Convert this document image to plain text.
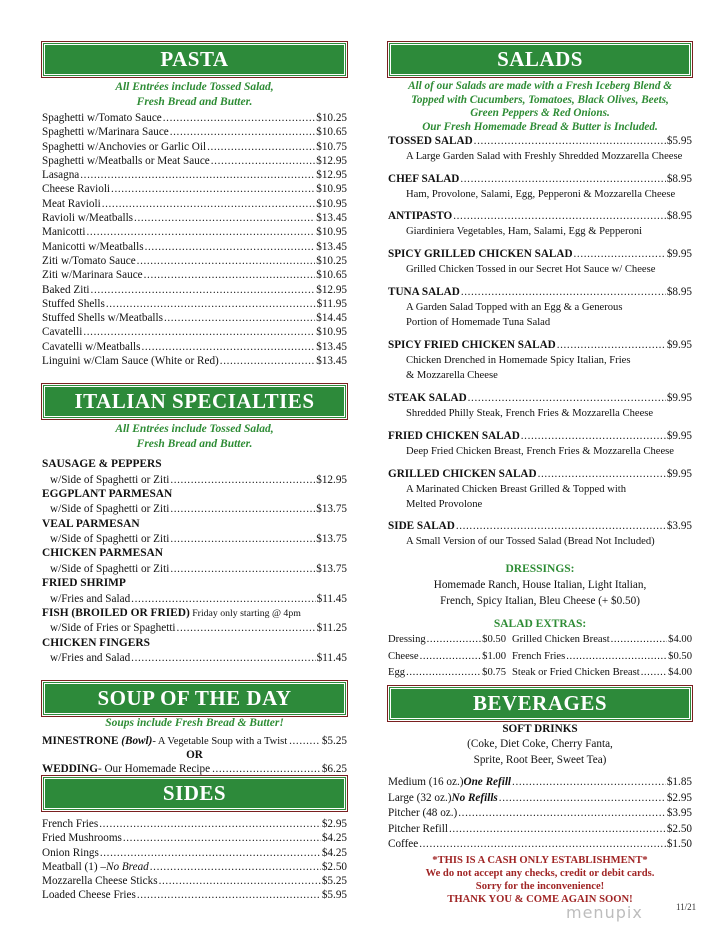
PASTA
All Entrées include Tossed Salad,
Fresh Bread and Butter.
Spaghetti w/Tomato Sauce .....	$10.25
Spaghetti w/Marinara Sauce .....	$10.65
Spaghetti w/Anchovies or Garlic Oil .....	$10.75
Spaghetti w/Meatballs or Meat Sauce .....	$12.95
Lasagna .....	$12.95
Cheese Ravioli .....	$10.95
Meat Ravioli .....	$10.95
Ravioli w/Meatballs .....	$13.45
Manicotti .....	$10.95
Manicotti w/Meatballs .....	$13.45
Ziti w/Tomato Sauce .....	$10.25
Ziti w/Marinara Sauce .....	$10.65
Baked Ziti .....	$12.95
Stuffed Shells .....	$11.95
Stuffed Shells w/Meatballs .....	$14.45
Cavatelli .....	$10.95
Cavatelli w/Meatballs .....	$13.45
Linguini w/Clam Sauce (White or Red) .....	$13.45
ITALIAN SPECIALTIES
All Entrées include Tossed Salad,
Fresh Bread and Butter.
SAUSAGE & PEPPERS
w/Side of Spaghetti or Ziti .....	$12.95
EGGPLANT PARMESAN
w/Side of Spaghetti or Ziti .....	$13.75
VEAL PARMESAN
w/Side of Spaghetti or Ziti .....	$13.75
CHICKEN PARMESAN
w/Side of Spaghetti or Ziti .....	$13.75
FRIED SHRIMP
w/Fries and Salad .....	$11.45
FISH (BROILED OR FRIED) Friday only starting @ 4pm
w/Side of Fries or Spaghetti .....	$11.25
CHICKEN FINGERS
w/Fries and Salad .....	$11.45
SOUP OF THE DAY
Soups include Fresh Bread & Butter!
MINESTRONE
(Bowl) - A Vegetable Soup with a Twist .....	$5.25
OR
WEDDING - Our Homemade Recipe .....	$6.25
SIDES
French Fries .....	$2.95
Fried Mushrooms .....	$4.25
Onion Rings .....	$4.25
Meatball (1) – No Bread .....	$2.50
Mozzarella Cheese Sticks .....	$5.25
Loaded Cheese Fries .....	$5.95
SALADS
All of our Salads are made with a Fresh Iceberg Blend &
Topped with Cucumbers, Tomatoes, Black Olives, Beets,
Green Peppers & Red Onions.
Our Fresh Homemade Bread & Butter is Included.
TOSSED SALAD .....	$5.95
A Large Garden Salad with Freshly Shredded Mozzarella Cheese
CHEF SALAD .....	$8.95
Ham, Provolone, Salami, Egg, Pepperoni & Mozzarella Cheese
ANTIPASTO .....	$8.95
Giardiniera Vegetables, Ham, Salami, Egg & Pepperoni
SPICY GRILLED CHICKEN SALAD .....	$9.95
Grilled Chicken Tossed in our Secret Hot Sauce w/ Cheese
TUNA SALAD .....	$8.95
A Garden Salad Topped with an Egg & a Generous
Portion of Homemade Tuna Salad
SPICY FRIED CHICKEN SALAD .....	$9.95
Chicken Drenched in Homemade Spicy Italian, Fries
& Mozzarella Cheese
STEAK SALAD .....	$9.95
Shredded Philly Steak, French Fries & Mozzarella Cheese
FRIED CHICKEN SALAD .....	$9.95
Deep Fried Chicken Breast, French Fries & Mozzarella Cheese
GRILLED CHICKEN SALAD .....	$9.95
A Marinated Chicken Breast Grilled & Topped with
Melted Provolone
SIDE SALAD .....	$3.95
A Small Version of our Tossed Salad (Bread Not Included)
DRESSINGS:
Homemade Ranch, House Italian, Light Italian,
French, Spicy Italian, Bleu Cheese (+ $0.50)
SALAD EXTRAS:
Dressing .....	$0.50
Cheese .....	$1.00
Egg .....	$0.75
Grilled Chicken Breast .....	$4.00
French Fries .....	$0.50
Steak or Fried Chicken Breast .....	$4.00
BEVERAGES
SOFT DRINKS
(Coke, Diet Coke, Cherry Fanta,
Sprite, Root Beer, Sweet Tea)
Medium (16 oz.) One Refill .....	$1.85
Large (32 oz.) No Refills .....	$2.95
Pitcher (48 oz.) .....	$3.95
Pitcher Refill .....	$2.50
Coffee .....	$1.50
*THIS IS A CASH ONLY ESTABLISHMENT*
We do not accept any checks, credit or debit cards.
Sorry for the inconvenience!
THANK YOU & COME AGAIN SOON!
menupix	11/21
